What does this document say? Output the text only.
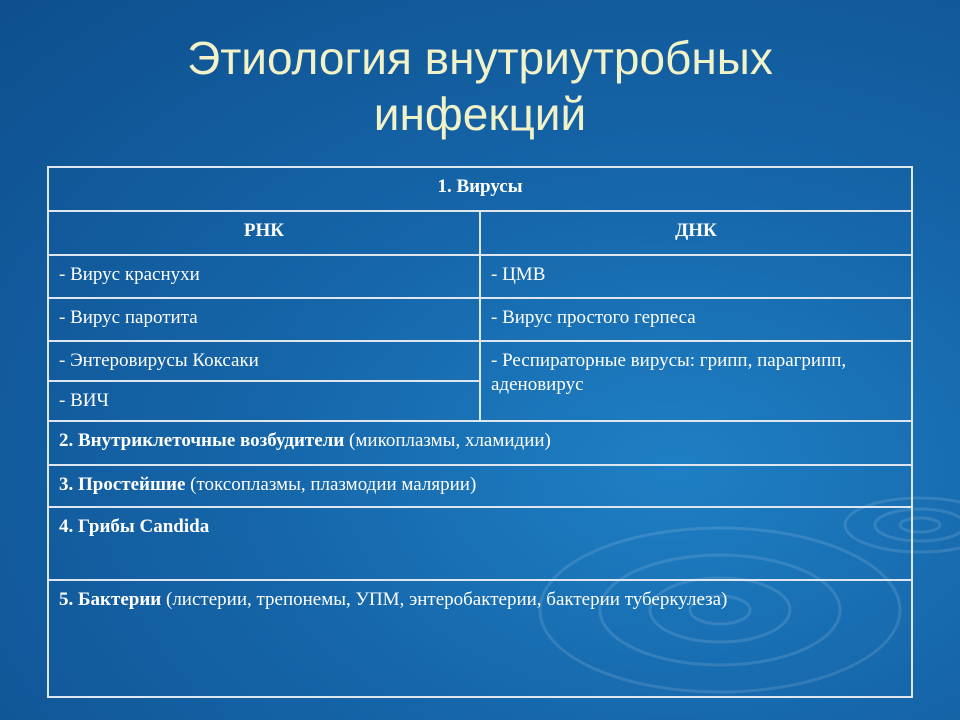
Этиология внутриутробных
инфекций
1. Вирусы	
РНК	ДНК
- Вирус краснухи	- ЦМВ
- Вирус паротита	- Вирус простого герпеса
- Энтеровирусы Коксаки	- Респираторные вирусы: грипп, парагрипп, аденовирус
- ВИЧ	
2. Внутриклеточные возбудители (микоплазмы, хламидии)	
3. Простейшие (токсоплазмы, плазмодии малярии)	
4. Грибы Candida	
5. Бактерии (листерии, трепонемы, УПМ, энтеробактерии, бактерии туберкулеза)	
